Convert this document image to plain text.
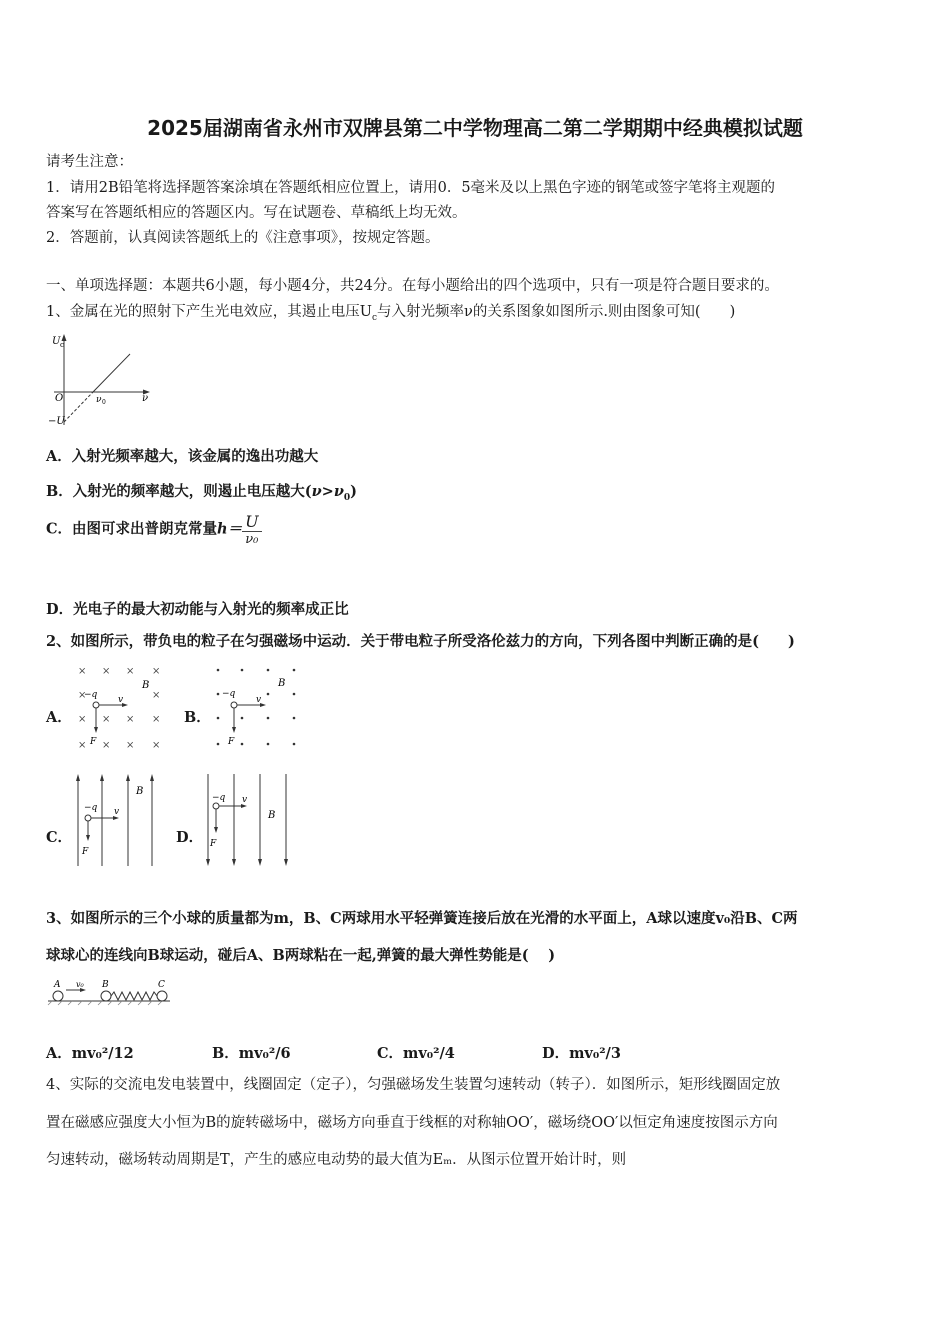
2025届湖南省永州市双牌县第二中学物理高二第二学期期中经典模拟试题
请考生注意：
1．请用2B铅笔将选择题答案涂填在答题纸相应位置上，请用0．5毫米及以上黑色字迹的钢笔或签字笔将主观题的
答案写在答题纸相应的答题区内。写在试题卷、草稿纸上均无效。
2．答题前，认真阅读答题纸上的《注意事项》，按规定答题。
一、单项选择题：本题共6小题，每小题4分，共24分。在每小题给出的四个选项中，只有一项是符合题目要求的。
1、金属在光的照射下产生光电效应，其遏止电压$U_c$与入射光频率ν的关系图象如图所示.则由图象可知(　　)
U c
ν
O	ν 0
−U
A．入射光频率越大，该金属的逸出功越大
B．入射光的频率越大，则遏止电压越大$(\nu>\nu_0)$
C．由图可求出普朗克常量$h= \frac{U}{\text{ν₀}}$
D．光电子的最大初动能与入射光的频率成正比
2、如图所示，带负电的粒子在匀强磁场中运动．关于带电粒子所受洛伦兹力的方向，下列各图中判断正确的是(　　)
A．
× × × ×
×	×
× × × ×
× × × ×
−q
B
v
F
B．
−q
B
v
F
C．
B
−q v
F
D．
B
−q v
F
3、如图所示的三个小球的质量都为m，B、C两球用水平轻弹簧连接后放在光滑的水平面上，A球以速度v₀沿B、C两
球球心的连线向B球运动，碰后A、B两球粘在一起,弹簧的最大弹性势能是(　 )
A v₀ B	C
A．mv₀²/12	B．mv₀²/6	C．mv₀²/4	D．mv₀²/3
4、实际的交流电发电装置中，线圈固定（定子），匀强磁场发生装置匀速转动（转子）．如图所示，矩形线圈固定放
置在磁感应强度大小恒为B的旋转磁场中，磁场方向垂直于线框的对称轴OO′，磁场绕OO′以恒定角速度按图示方向
匀速转动，磁场转动周期是T，产生的感应电动势的最大值为Eₘ．从图示位置开始计时，则
